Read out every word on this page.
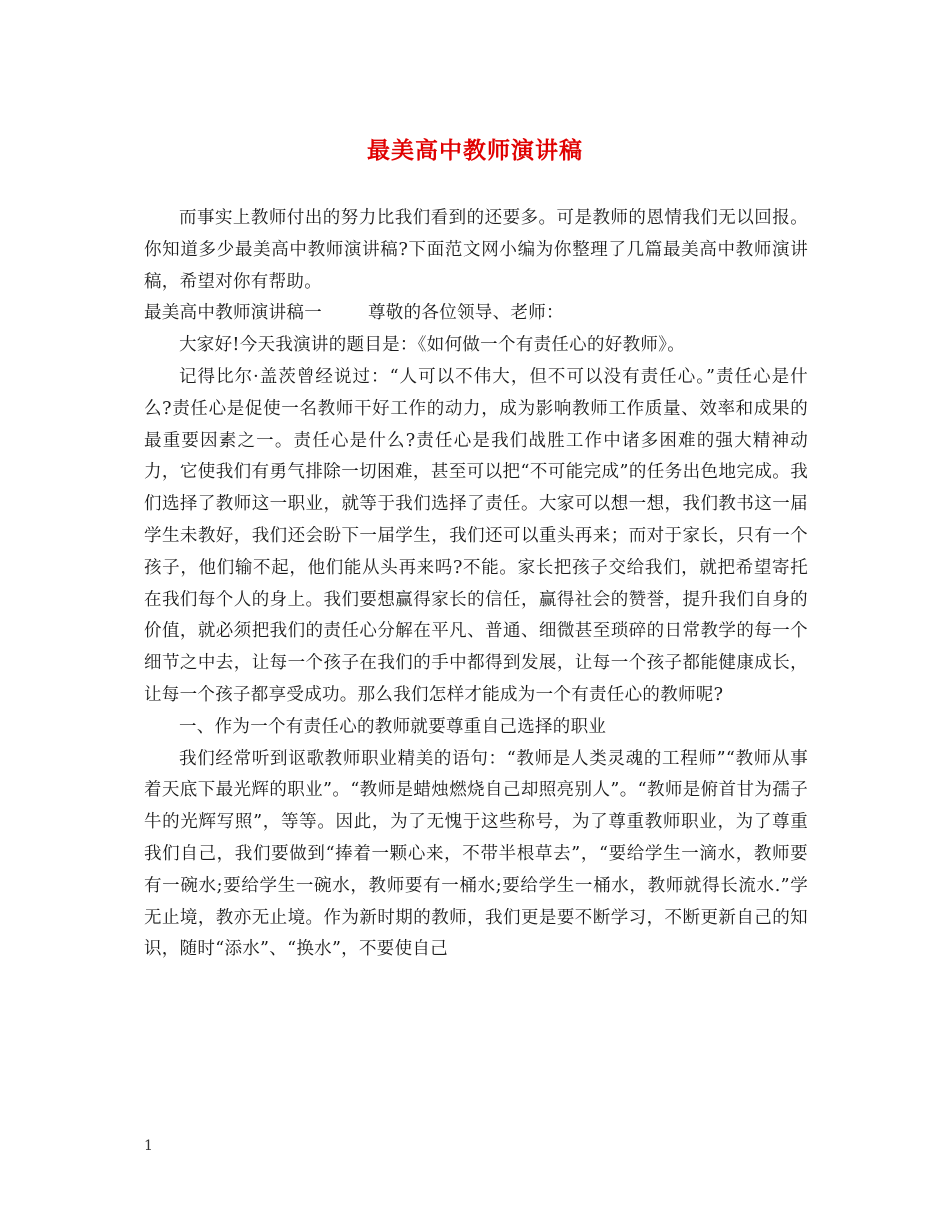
最美高中教师演讲稿

而事实上教师付出的努力比我们看到的还要多。可是教师的恩情我们无以回报。你知道多少最美高中教师演讲稿?下面范文网小编为你整理了几篇最美高中教师演讲稿，希望对你有帮助。

最美高中教师演讲稿一	尊敬的各位领导、老师：

大家好!今天我演讲的题目是：《如何做一个有责任心的好教师》。

记得比尔·盖茨曾经说过：“人可以不伟大，但不可以没有责任心。”责任心是什么?责任心是促使一名教师干好工作的动力，成为影响教师工作质量、效率和成果的最重要因素之一。责任心是什么?责任心是我们战胜工作中诸多困难的强大精神动力，它使我们有勇气排除一切困难，甚至可以把“不可能完成”的任务出色地完成。我们选择了教师这一职业，就等于我们选择了责任。大家可以想一想，我们教书这一届学生未教好，我们还会盼下一届学生，我们还可以重头再来；而对于家长，只有一个孩子，他们输不起，他们能从头再来吗?不能。家长把孩子交给我们，就把希望寄托在我们每个人的身上。我们要想赢得家长的信任，赢得社会的赞誉，提升我们自身的价值，就必须把我们的责任心分解在平凡、普通、细微甚至琐碎的日常教学的每一个细节之中去，让每一个孩子在我们的手中都得到发展，让每一个孩子都能健康成长，让每一个孩子都享受成功。那么我们怎样才能成为一个有责任心的教师呢?

一、作为一个有责任心的教师就要尊重自己选择的职业

我们经常听到讴歌教师职业精美的语句：“教师是人类灵魂的工程师”“教师从事着天底下最光辉的职业”。“教师是蜡烛燃烧自己却照亮别人”。“教师是俯首甘为孺子牛的光辉写照”，等等。因此，为了无愧于这些称号，为了尊重教师职业，为了尊重我们自己，我们要做到“捧着一颗心来，不带半根草去”，“要给学生一滴水，教师要有一碗水;要给学生一碗水，教师要有一桶水;要给学生一桶水，教师就得长流水.”学无止境，教亦无止境。作为新时期的教师，我们更是要不断学习，不断更新自己的知识，随时“添水”、“换水”，不要使自己

1
